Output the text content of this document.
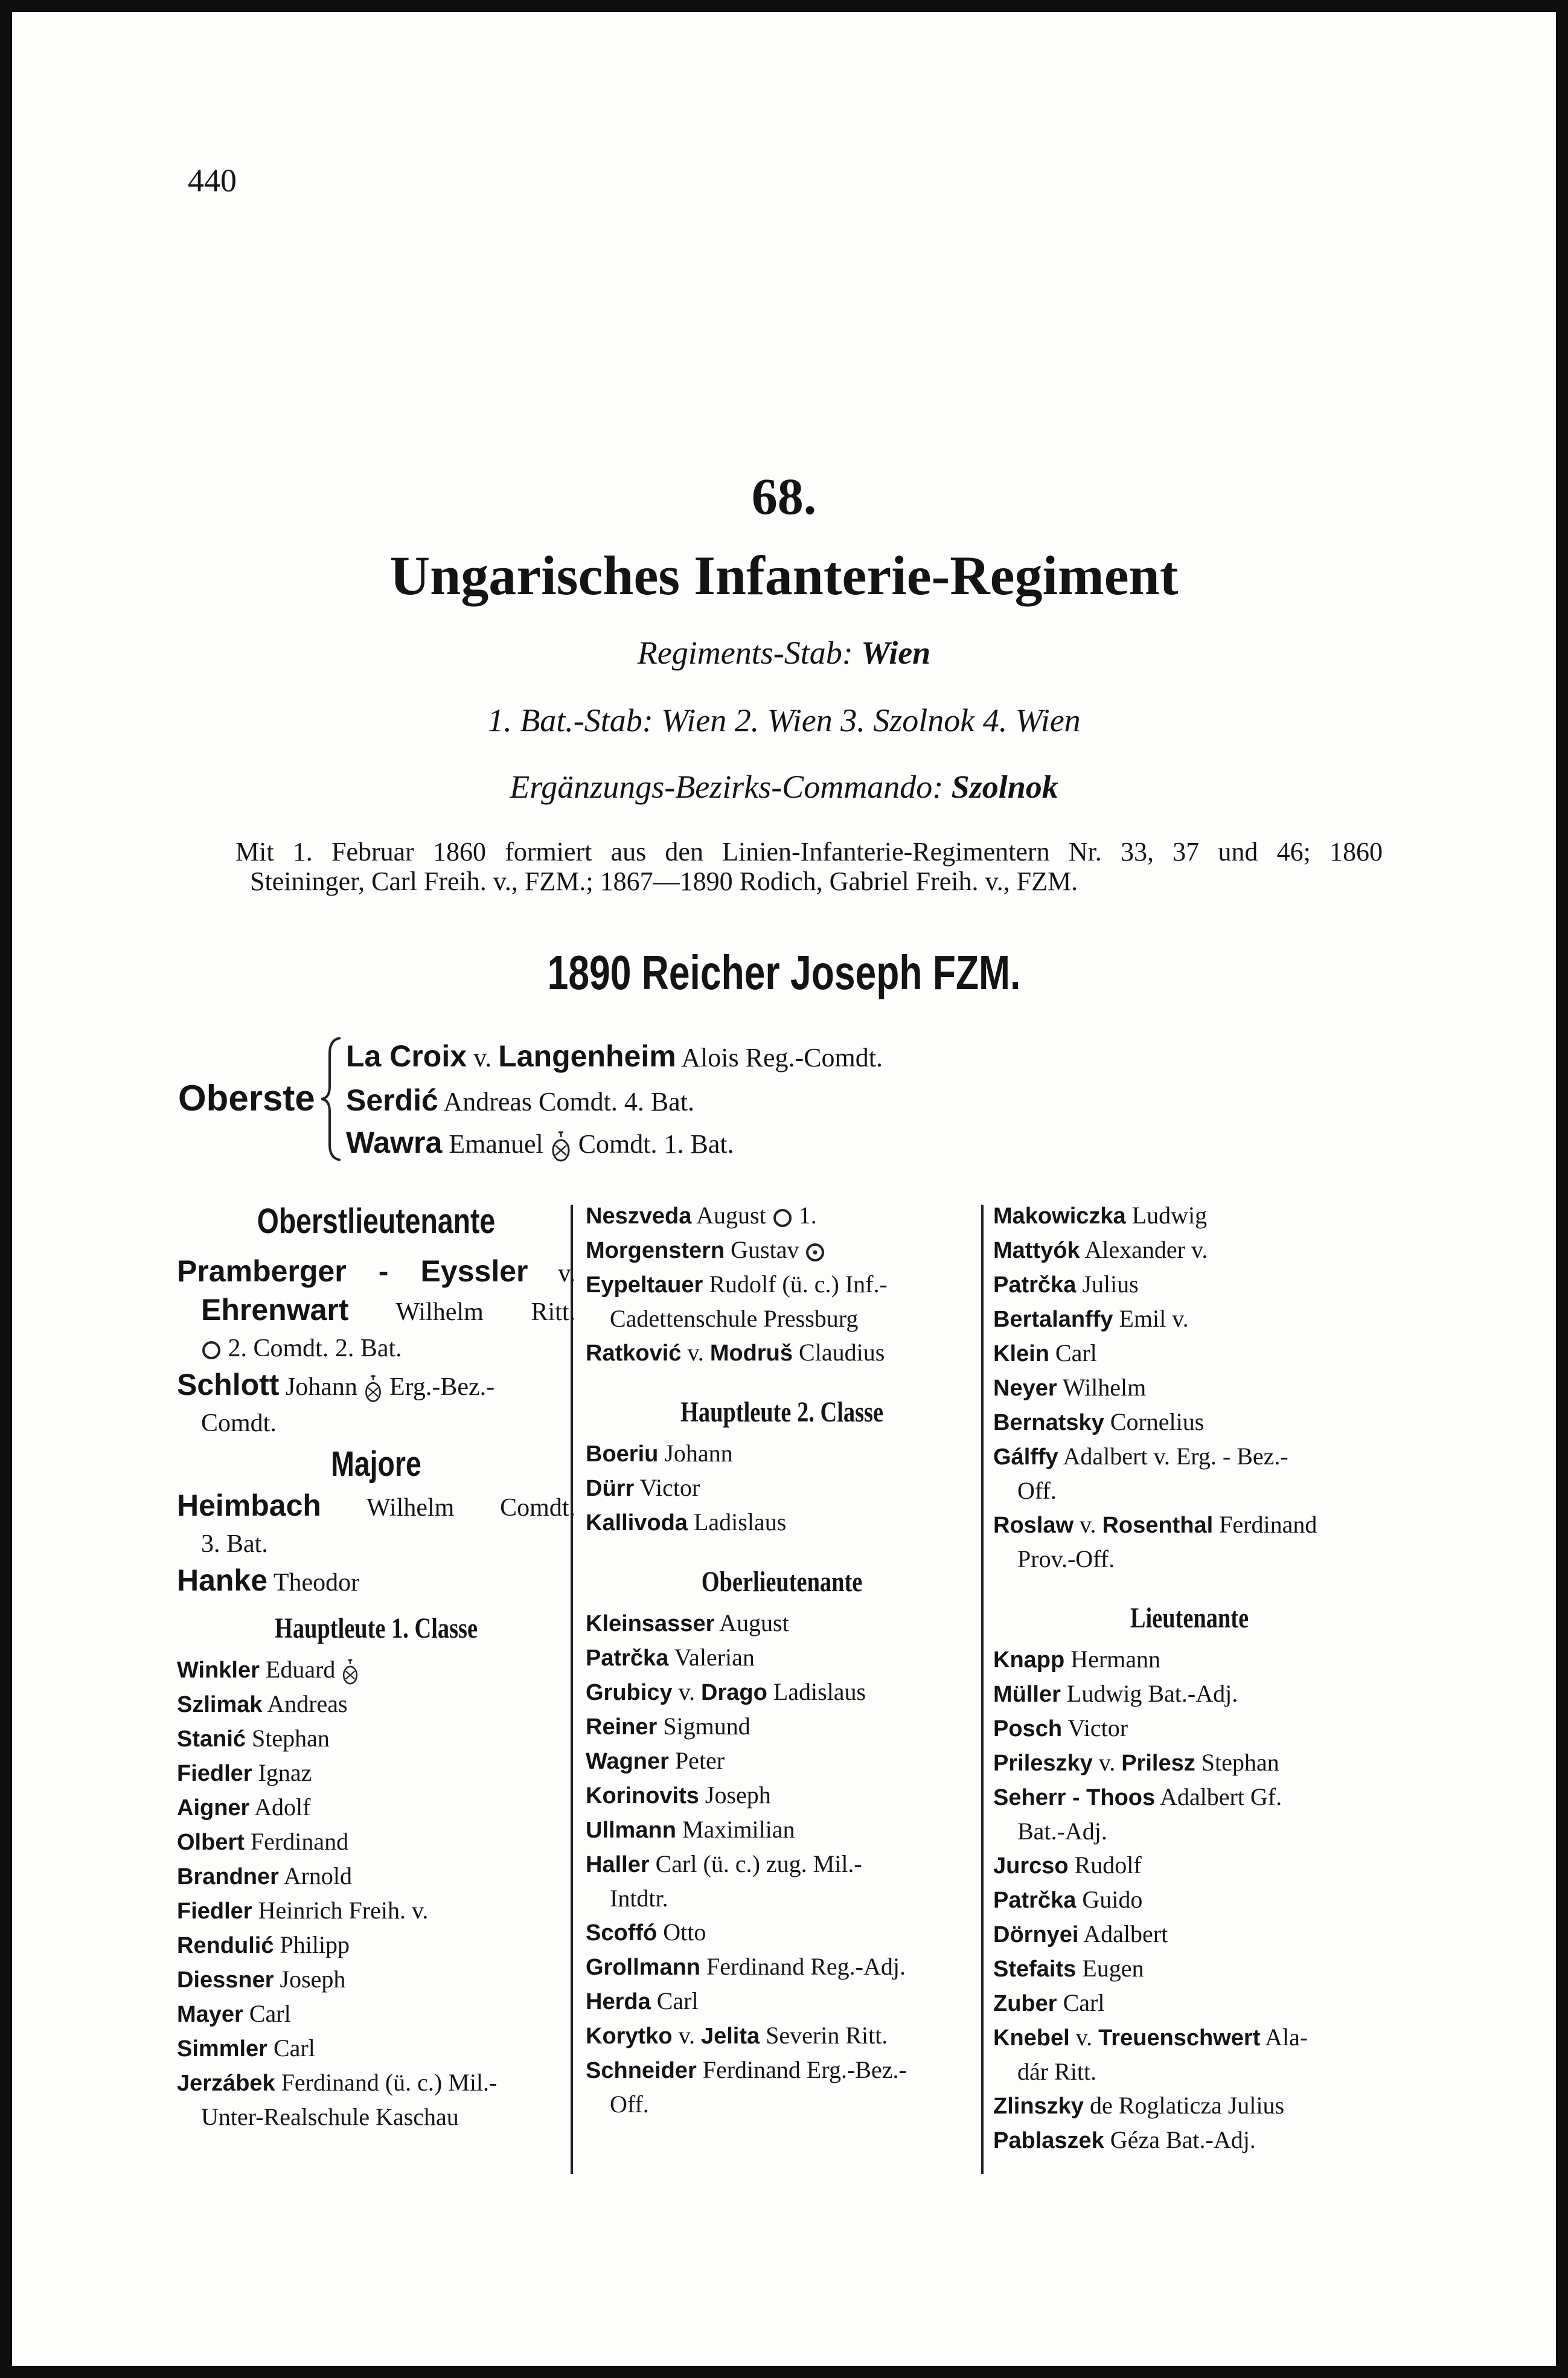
440
68.
Ungarisches Infanterie-Regiment
Regiments-Stab: Wien
1. Bat.-Stab: Wien 2. Wien 3. Szolnok 4. Wien
Ergänzungs-Bezirks-Commando: Szolnok
Mit 1. Februar 1860 formiert aus den Linien-Infanterie-Regimentern Nr. 33, 37 und 46; 1860
Steininger, Carl Freih. v., FZM.; 1867—1890 Rodich, Gabriel Freih. v., FZM.
1890 Reicher Joseph FZM.
Oberste
La Croix v. Langenheim Alois Reg.-Comdt.
Serdić Andreas Comdt. 4. Bat.
Wawra Emanuel  Comdt. 1. Bat.
Oberstlieutenante
Pramberger - Eyssler v.
Ehrenwart Wilhelm Ritt.
2. Comdt. 2. Bat.
Schlott Johann  Erg.-Bez.-
Comdt.
Majore
Heimbach Wilhelm Comdt.
3. Bat.
Hanke Theodor
Hauptleute 1. Classe
Winkler Eduard
Szlimak Andreas
Stanić Stephan
Fiedler Ignaz
Aigner Adolf
Olbert Ferdinand
Brandner Arnold
Fiedler Heinrich Freih. v.
Rendulić Philipp
Diessner Joseph
Mayer Carl
Simmler Carl
Jerzábek Ferdinand (ü. c.) Mil.-
Unter-Realschule Kaschau
Neszveda August  1.
Morgenstern Gustav
Eypeltauer Rudolf (ü. c.) Inf.-
Cadettenschule Pressburg
Ratković v. Modruš Claudius
Hauptleute 2. Classe
Boeriu Johann
Dürr Victor
Kallivoda Ladislaus
Oberlieutenante
Kleinsasser August
Patrčka Valerian
Grubicy v. Drago Ladislaus
Reiner Sigmund
Wagner Peter
Korinovits Joseph
Ullmann Maximilian
Haller Carl (ü. c.) zug. Mil.-
Intdtr.
Scoffó Otto
Grollmann Ferdinand Reg.-Adj.
Herda Carl
Korytko v. Jelita Severin Ritt.
Schneider Ferdinand Erg.-Bez.-
Off.
Makowiczka Ludwig
Mattyók Alexander v.
Patrčka Julius
Bertalanffy Emil v.
Klein Carl
Neyer Wilhelm
Bernatsky Cornelius
Gálffy Adalbert v. Erg. - Bez.-
Off.
Roslaw v. Rosenthal Ferdinand
Prov.-Off.
Lieutenante
Knapp Hermann
Müller Ludwig Bat.-Adj.
Posch Victor
Prileszky v. Prilesz Stephan
Seherr - Thoos Adalbert Gf.
Bat.-Adj.
Jurcso Rudolf
Patrčka Guido
Dörnyei Adalbert
Stefaits Eugen
Zuber Carl
Knebel v. Treuenschwert Ala-
dár Ritt.
Zlinszky de Roglaticza Julius
Pablaszek Géza Bat.-Adj.
